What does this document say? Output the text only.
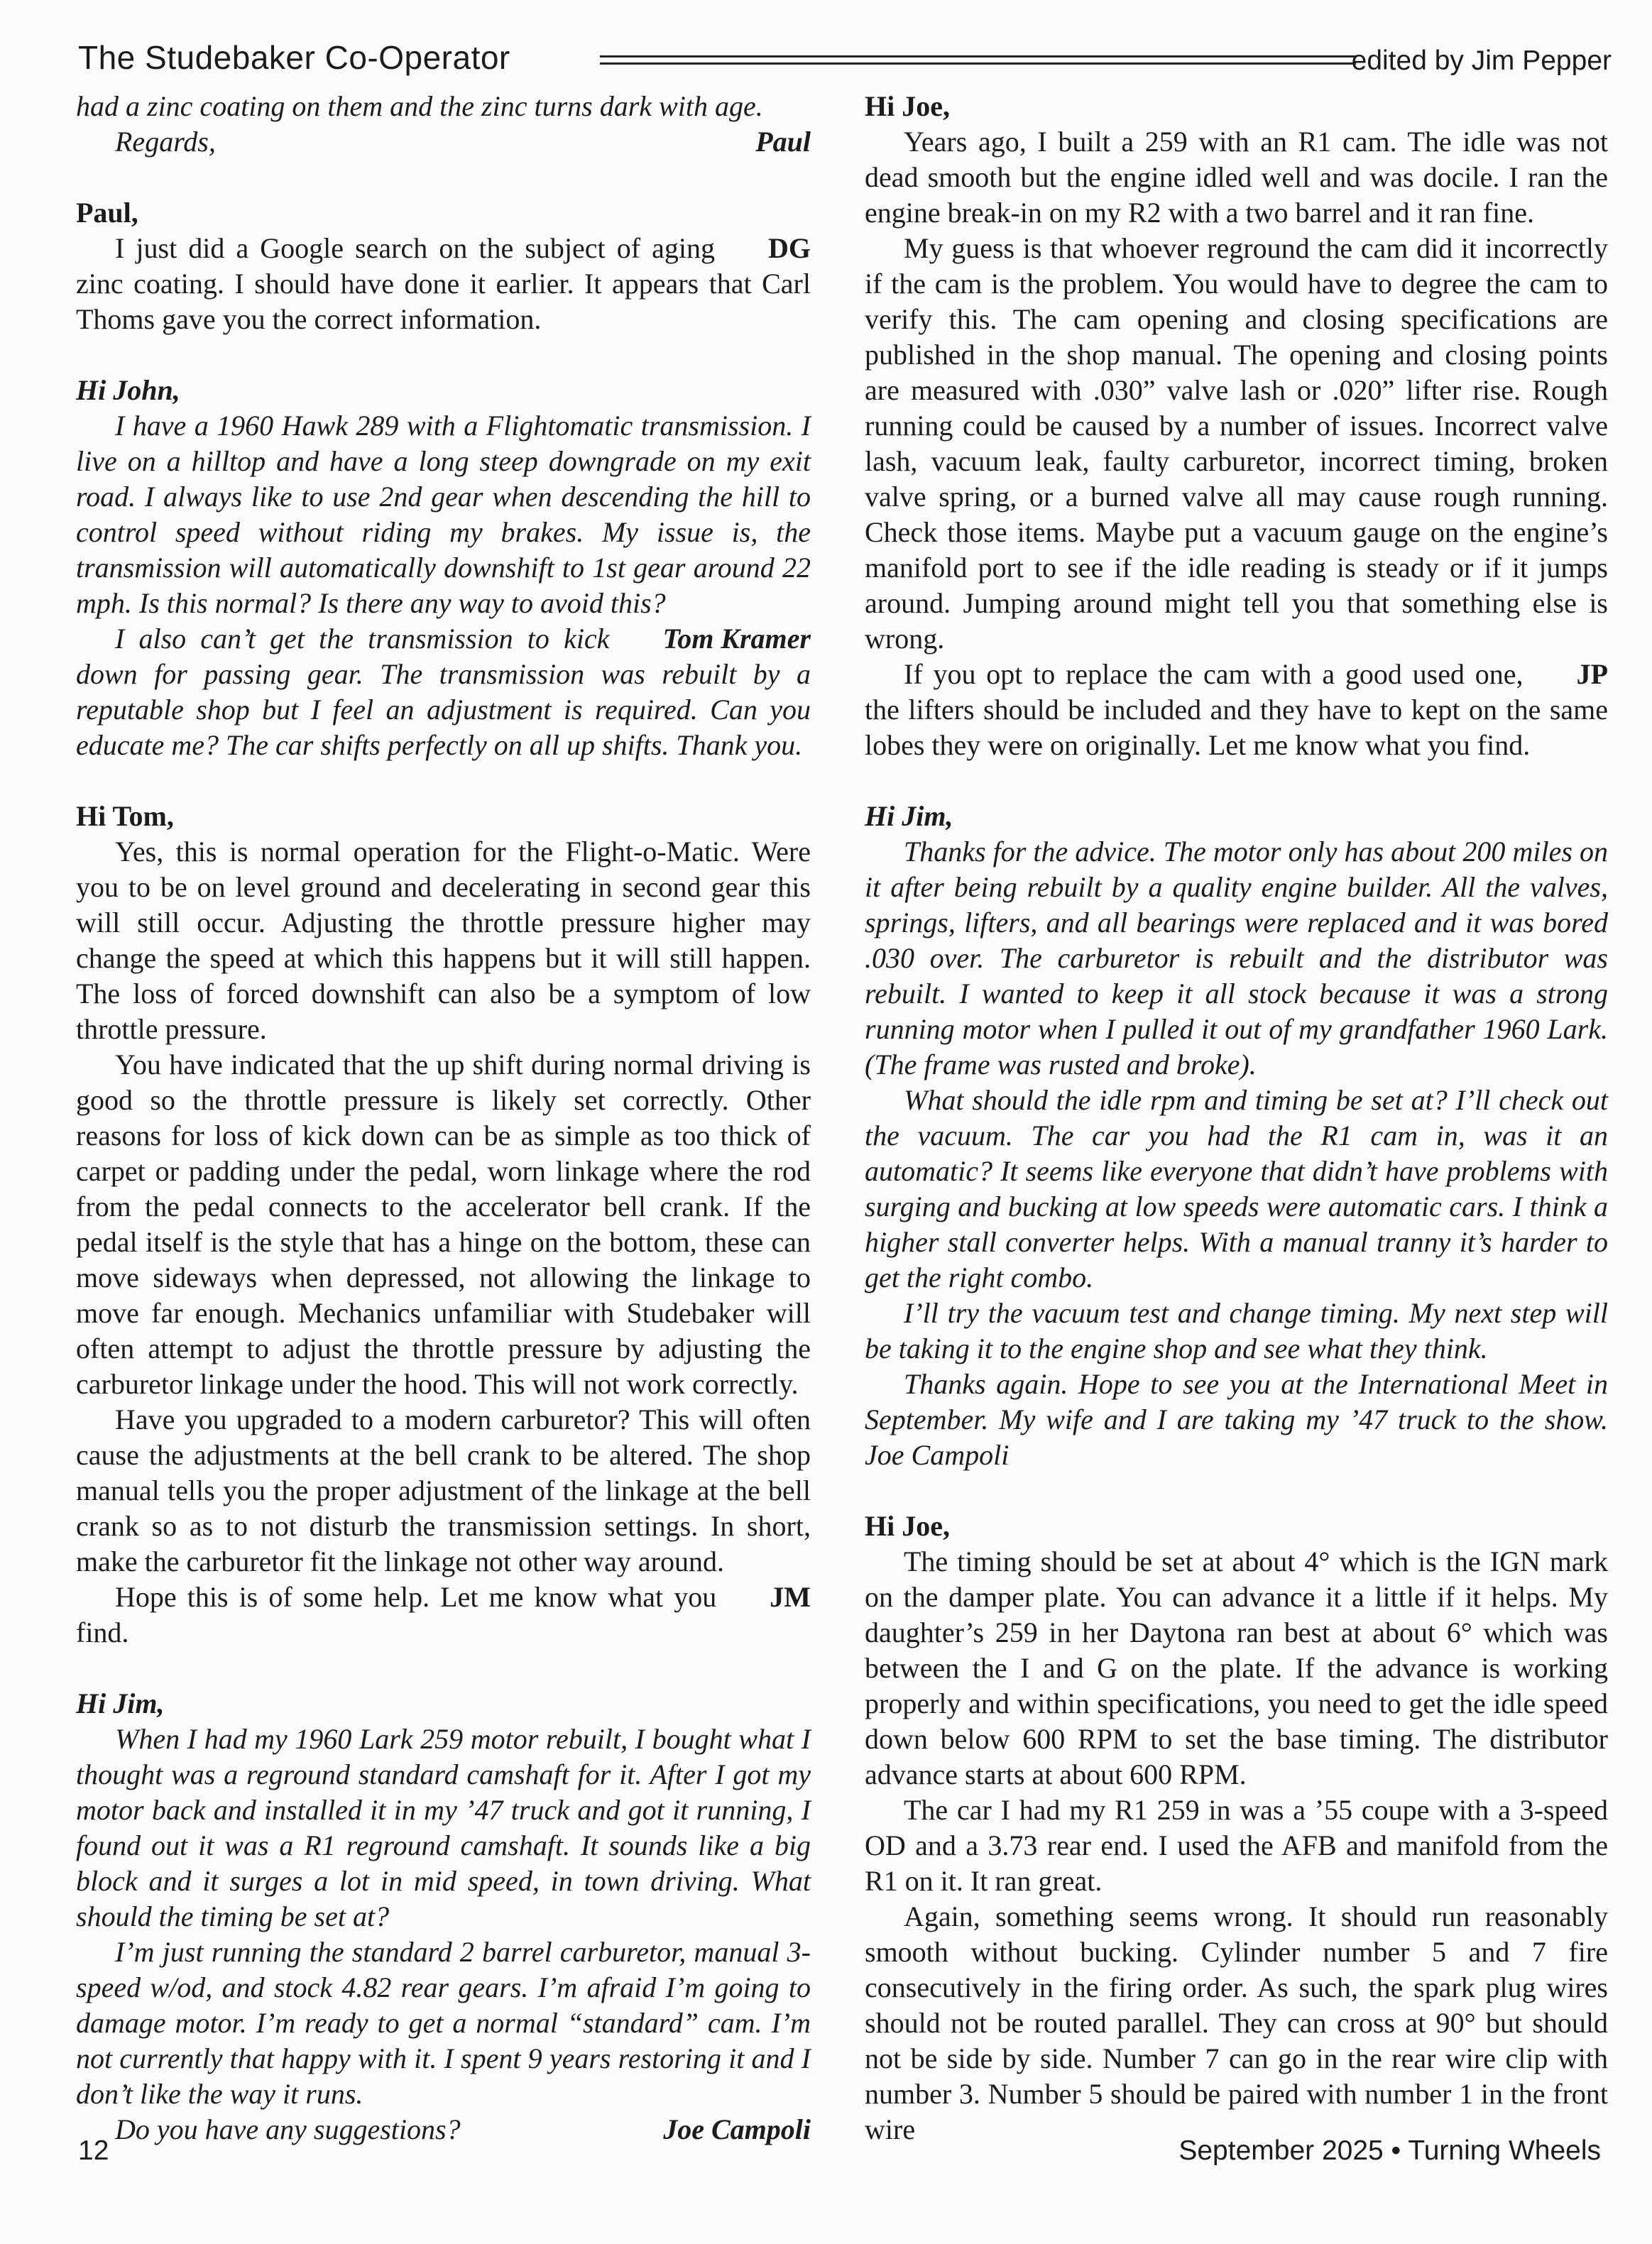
The Studebaker Co-Operator	edited by Jim Pepper

had a zinc coating on them and the zinc turns dark with age.

Paul
Regards,

Paul,

DG
I just did a Google search on the subject of aging zinc coating. I should have done it earlier. It appears that Carl Thoms gave you the correct information.

Hi John,

I have a 1960 Hawk 289 with a Flightomatic transmission. I live on a hilltop and have a long steep downgrade on my exit road. I always like to use 2nd gear when descending the hill to control speed without riding my brakes. My issue is, the transmission will automatically downshift to 1st gear around 22 mph. Is this normal? Is there any way to avoid this?

Tom Kramer
I also can’t get the transmission to kick down for passing gear. The transmission was rebuilt by a reputable shop but I feel an adjustment is required. Can you educate me? The car shifts perfectly on all up shifts. Thank you.

Hi Tom,

Yes, this is normal operation for the Flight-o-Matic. Were you to be on level ground and decelerating in second gear this will still occur. Adjusting the throttle pressure higher may change the speed at which this happens but it will still happen. The loss of forced downshift can also be a symptom of low throttle pressure.

You have indicated that the up shift during normal driving is good so the throttle pressure is likely set correctly. Other reasons for loss of kick down can be as simple as too thick of carpet or padding under the pedal, worn linkage where the rod from the pedal connects to the accelerator bell crank. If the pedal itself is the style that has a hinge on the bottom, these can move sideways when depressed, not allowing the linkage to move far enough. Mechanics unfamiliar with Studebaker will often attempt to adjust the throttle pressure by adjusting the carburetor linkage under the hood. This will not work correctly.

Have you upgraded to a modern carburetor? This will often cause the adjustments at the bell crank to be altered. The shop manual tells you the proper adjustment of the linkage at the bell crank so as to not disturb the transmission settings. In short, make the carburetor fit the linkage not other way around.

JM
Hope this is of some help. Let me know what you find.

Hi Jim,

When I had my 1960 Lark 259 motor rebuilt, I bought what I thought was a reground standard camshaft for it. After I got my motor back and installed it in my ’47 truck and got it running, I found out it was a R1 reground camshaft. It sounds like a big block and it surges a lot in mid speed, in town driving. What should the timing be set at?

I’m just running the standard 2 barrel carburetor, manual 3-speed w/od, and stock 4.82 rear gears. I’m afraid I’m going to damage motor. I’m ready to get a normal “standard” cam. I’m not currently that happy with it. I spent 9 years restoring it and I don’t like the way it runs.

Joe Campoli
Do you have any suggestions?

Hi Joe,

Years ago, I built a 259 with an R1 cam. The idle was not dead smooth but the engine idled well and was docile. I ran the engine break-in on my R2 with a two barrel and it ran fine.

My guess is that whoever reground the cam did it incorrectly if the cam is the problem. You would have to degree the cam to verify this. The cam opening and closing specifications are published in the shop manual. The opening and closing points are measured with .030” valve lash or .020” lifter rise. Rough running could be caused by a number of issues. Incorrect valve lash, vacuum leak, faulty carburetor, incorrect timing, broken valve spring, or a burned valve all may cause rough running. Check those items. Maybe put a vacuum gauge on the engine’s manifold port to see if the idle reading is steady or if it jumps around. Jumping around might tell you that something else is wrong.

JP
If you opt to replace the cam with a good used one, the lifters should be included and they have to kept on the same lobes they were on originally. Let me know what you find.

Hi Jim,

Thanks for the advice. The motor only has about 200 miles on it after being rebuilt by a quality engine builder. All the valves, springs, lifters, and all bearings were replaced and it was bored .030 over. The carburetor is rebuilt and the distributor was rebuilt. I wanted to keep it all stock because it was a strong running motor when I pulled it out of my grandfather 1960 Lark.(The frame was rusted and broke).

What should the idle rpm and timing be set at? I’ll check out the vacuum. The car you had the R1 cam in, was it an automatic? It seems like everyone that didn’t have problems with surging and bucking at low speeds were automatic cars. I think a higher stall converter helps. With a manual tranny it’s harder to get the right combo.

I’ll try the vacuum test and change timing. My next step will be taking it to the engine shop and see what they think.

Thanks again. Hope to see you at the International Meet in September. My wife and I are taking my ’47 truck to the show. Joe Campoli

Hi Joe,

The timing should be set at about 4° which is the IGN mark on the damper plate. You can advance it a little if it helps. My daughter’s 259 in her Daytona ran best at about 6° which was between the I and G on the plate. If the advance is working properly and within specifications, you need to get the idle speed down below 600 RPM to set the base timing. The distributor advance starts at about 600 RPM.

The car I had my R1 259 in was a ’55 coupe with a 3-speed OD and a 3.73 rear end. I used the AFB and manifold from the R1 on it. It ran great.

Again, something seems wrong. It should run reasonably smooth without bucking. Cylinder number 5 and 7 fire consecutively in the firing order. As such, the spark plug wires should not be routed parallel. They can cross at 90° but should not be side by side. Number 7 can go in the rear wire clip with number 3. Number 5 should be paired with number 1 in the front wire

12	September 2025 • Turning Wheels
